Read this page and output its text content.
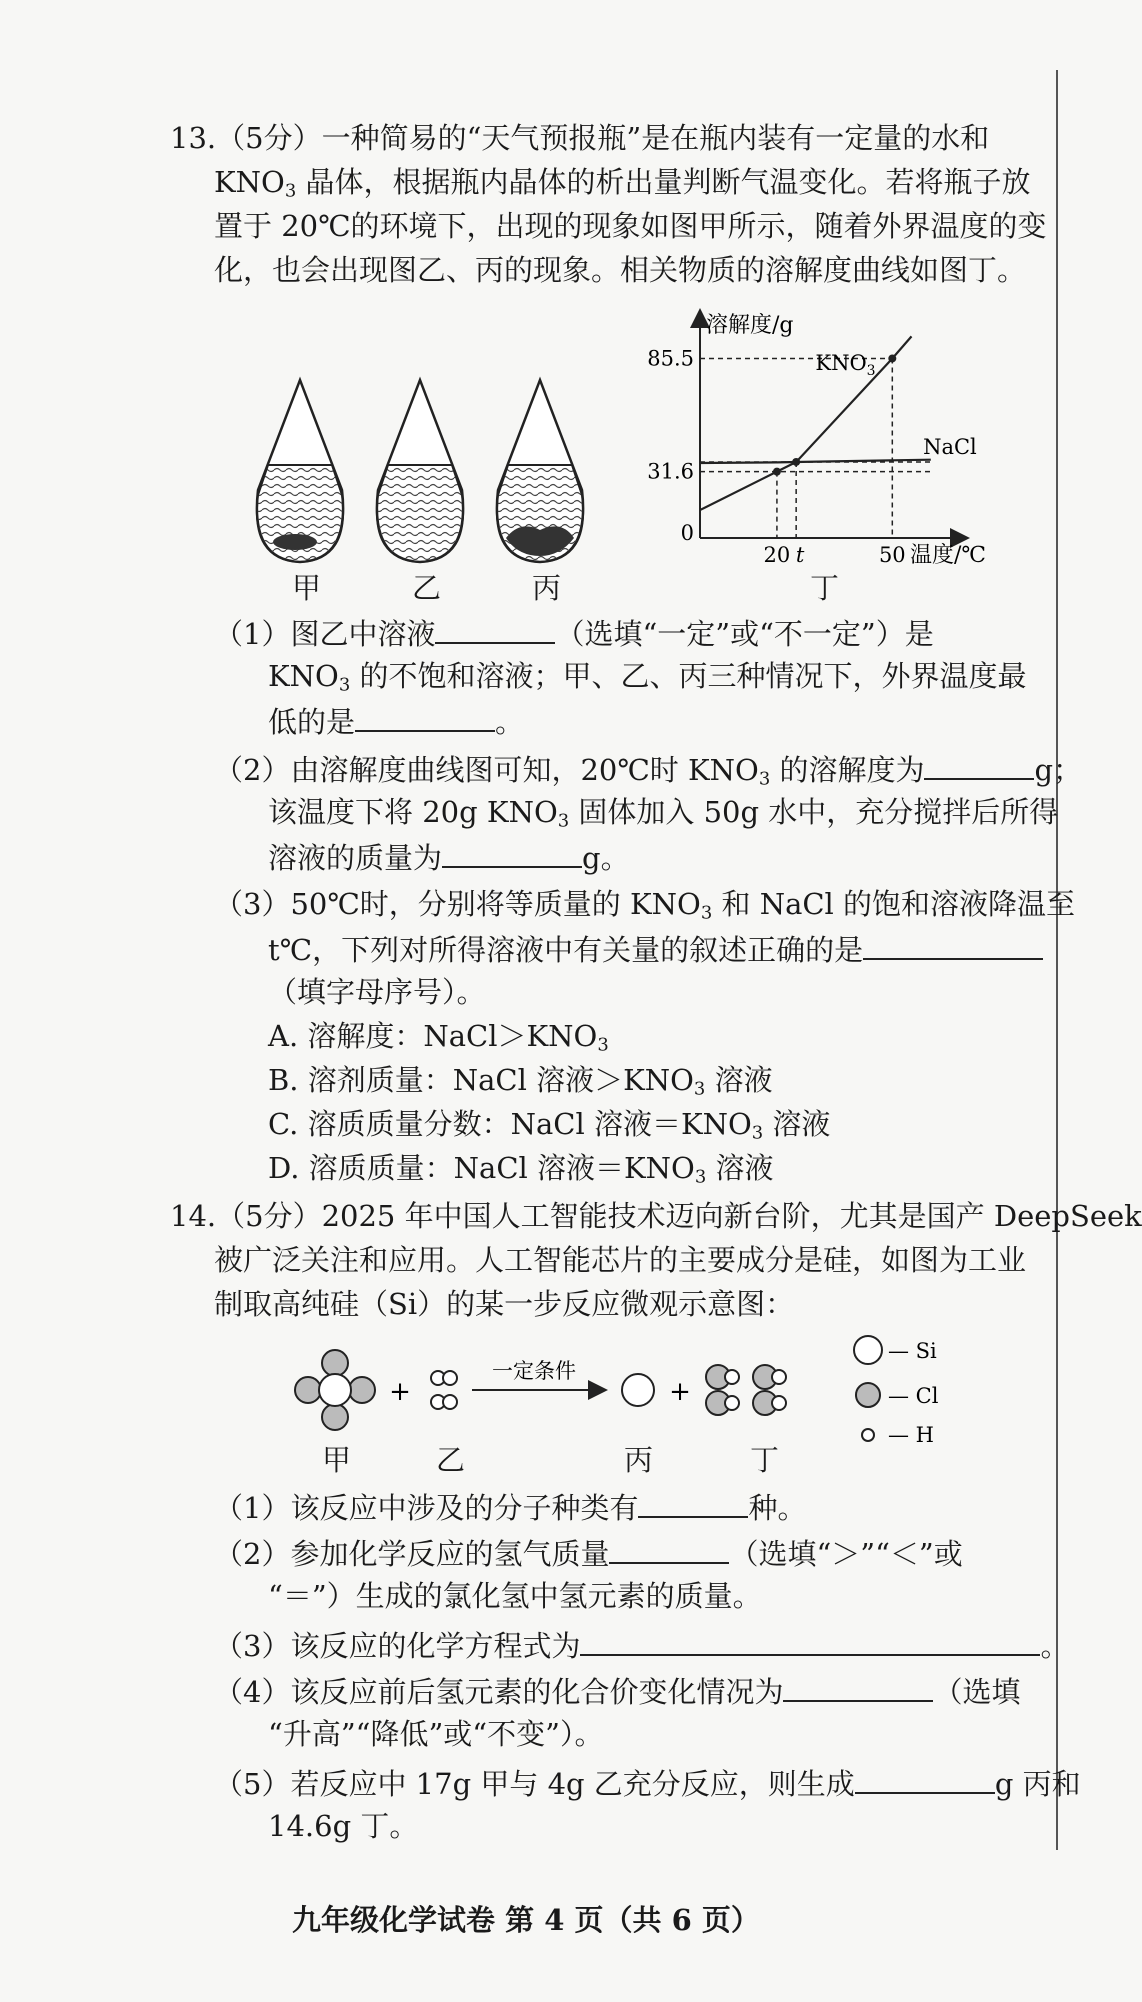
13.（5分）一种简易的“天气预报瓶”是在瓶内装有一定量的水和
$KNO_3$ 晶体，根据瓶内晶体的析出量判断气温变化。若将瓶子放
置于 20℃的环境下，出现的现象如图甲所示，随着外界温度的变
化，也会出现图乙、丙的现象。相关物质的溶解度曲线如图丁。
甲	乙	丙
溶解度/g
85.5
31.6
0
20 t	50 温度/℃
$KNO_3$
NaCl
丁
（1）图乙中溶液	（选填“一定”或“不一定”）是
$KNO_3$ 的不饱和溶液；甲、乙、丙三种情况下，外界温度最
低的是	。
（2）由溶解度曲线图可知，20℃时 $KNO_3$ 的溶解度为	g；
该温度下将 20g $KNO_3$ 固体加入 50g 水中，充分搅拌后所得
溶液的质量为	g。
（3）50℃时，分别将等质量的 $KNO_3$ 和 NaCl 的饱和溶液降温至
t℃，下列对所得溶液中有关量的叙述正确的是
（填字母序号）。
A. 溶解度：$NaCl>KNO_3$
B. 溶剂质量：NaCl 溶液$>KNO_3$ 溶液
C. 溶质质量分数：NaCl 溶液$=KNO_3$ 溶液
D. 溶质质量：NaCl 溶液$=KNO_3$ 溶液
14.（5分）2025 年中国人工智能技术迈向新台阶，尤其是国产 DeepSeek
被广泛关注和应用。人工智能芯片的主要成分是硅，如图为工业
制取高纯硅（Si）的某一步反应微观示意图：
+	+
一定条件
— Si
— Cl
— H
甲	乙	丙	丁
（1）该反应中涉及的分子种类有	种。
（2）参加化学反应的氢气质量	（选填“＞”“＜”或
“＝”）生成的氯化氢中氢元素的质量。
（3）该反应的化学方程式为	。
（4）该反应前后氢元素的化合价变化情况为	（选填
“升高”“降低”或“不变”）。
（5）若反应中 17g 甲与 4g 乙充分反应，则生成	g 丙和
14.6g 丁。
九年级化学试卷 第 4 页（共 6 页）
